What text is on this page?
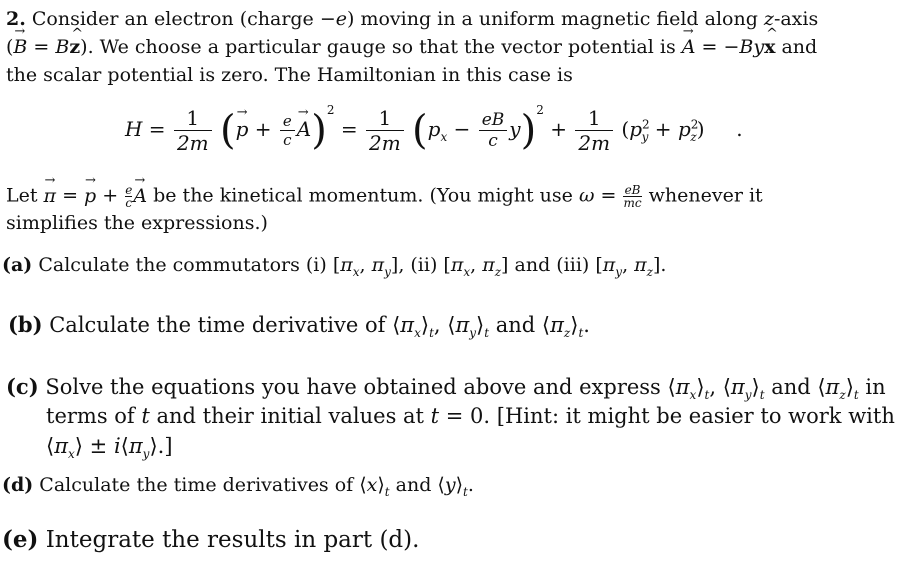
2. Consider an electron (charge −e) moving in a uniform magnetic field along z-axis
(→ B = B^ z). We choose a particular gauge so that the vector potential is → A = −By^ x and
the scalar potential is zero. The Hamiltonian in this case is
$H = \frac{1}{2m}$ (→ $p + \frac{e}{c}$
→ $A)^2 = \frac{1}{2m} (p_x - \frac{eB}{c} y)^2 + \frac{1}{2m} (p^2_y + p^2_z)$     .
Let → π = → $p + \frac{e}{c}$
→ A be the kinetical momentum. (You might use $\omega = \frac{eB}{mc}$ whenever it
simplifies the expressions.)
(a) Calculate the commutators (i) [$\pi_x$, $\pi_y$], (ii) [$\pi_x$, $\pi_z$] and (iii) [$\pi_y$, $\pi_z$].
(b) Calculate the time derivative of $⟨\pi_x⟩_t$, $⟨\pi_y⟩_t$ and $⟨\pi_z⟩_t$.
(c) Solve the equations you have obtained above and express $⟨\pi_x⟩_t$, $⟨\pi_y⟩_t$ and $⟨\pi_z⟩_t$ in
terms of t and their initial values at t = 0. [Hint: it might be easier to work with
$⟨\pi_x⟩$ ± $i⟨\pi_y⟩$.]
(d) Calculate the time derivatives of $⟨x⟩_t$ and $⟨y⟩_t$.
(e) Integrate the results in part (d).
